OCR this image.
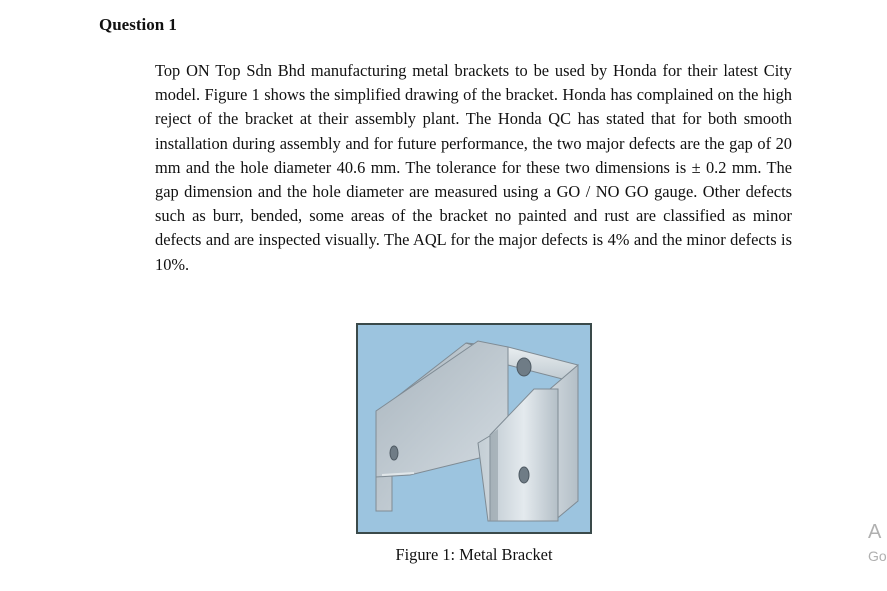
Question 1

Top ON Top Sdn Bhd manufacturing metal brackets to be used by Honda for their latest City model. Figure 1 shows the simplified drawing of the bracket. Honda has complained on the high reject of the bracket at their assembly plant. The Honda QC has stated that for both smooth installation during assembly and for future performance, the two major defects are the gap of 20 mm and the hole diameter 40.6 mm. The tolerance for these two dimensions is ± 0.2 mm. The gap dimension and the hole diameter are measured using a GO / NO GO gauge. Other defects such as burr, bended, some areas of the bracket no painted and rust are classified as minor defects and are inspected visually. The AQL for the major defects is 4% and the minor defects is 10%.

Figure 1: Metal Bracket
A
Go
